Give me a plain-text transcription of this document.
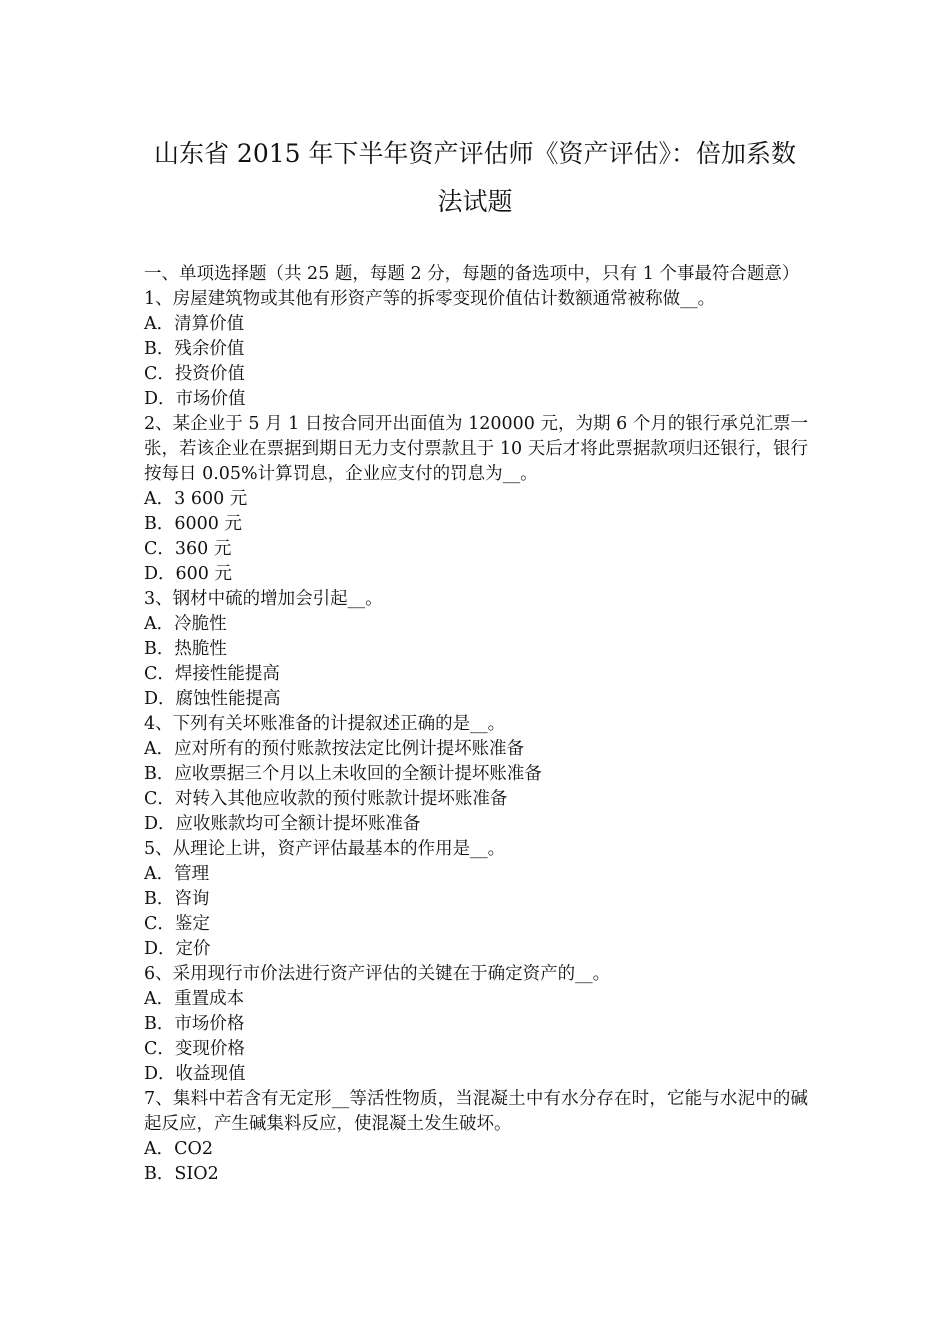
山东省 2015 年下半年资产评估师《资产评估》：倍加系数
法试题
一、单项选择题（共 25 题，每题 2 分，每题的备选项中，只有 1 个事最符合题意）
1、房屋建筑物或其他有形资产等的拆零变现价值估计数额通常被称做__。
A．清算价值
B．残余价值
C．投资价值
D．市场价值
2、某企业于 5 月 1 日按合同开出面值为 120000 元，为期 6 个月的银行承兑汇票一张，若该企业在票据到期日无力支付票款且于 10 天后才将此票据款项归还银行，银行按每日 0.05%计算罚息，企业应支付的罚息为__。
A．3 600 元
B．6000 元
C．360 元
D．600 元
3、钢材中硫的增加会引起__。
A．冷脆性
B．热脆性
C．焊接性能提高
D．腐蚀性能提高
4、下列有关坏账准备的计提叙述正确的是__。
A．应对所有的预付账款按法定比例计提坏账准备
B．应收票据三个月以上未收回的全额计提坏账准备
C．对转入其他应收款的预付账款计提坏账准备
D．应收账款均可全额计提坏账准备
5、从理论上讲，资产评估最基本的作用是__。
A．管理
B．咨询
C．鉴定
D．定价
6、采用现行市价法进行资产评估的关键在于确定资产的__。
A．重置成本
B．市场价格
C．变现价格
D．收益现值
7、集料中若含有无定形__等活性物质，当混凝土中有水分存在时，它能与水泥中的碱起反应，产生碱集料反应，使混凝土发生破坏。
A．CO2
B．SIO2
